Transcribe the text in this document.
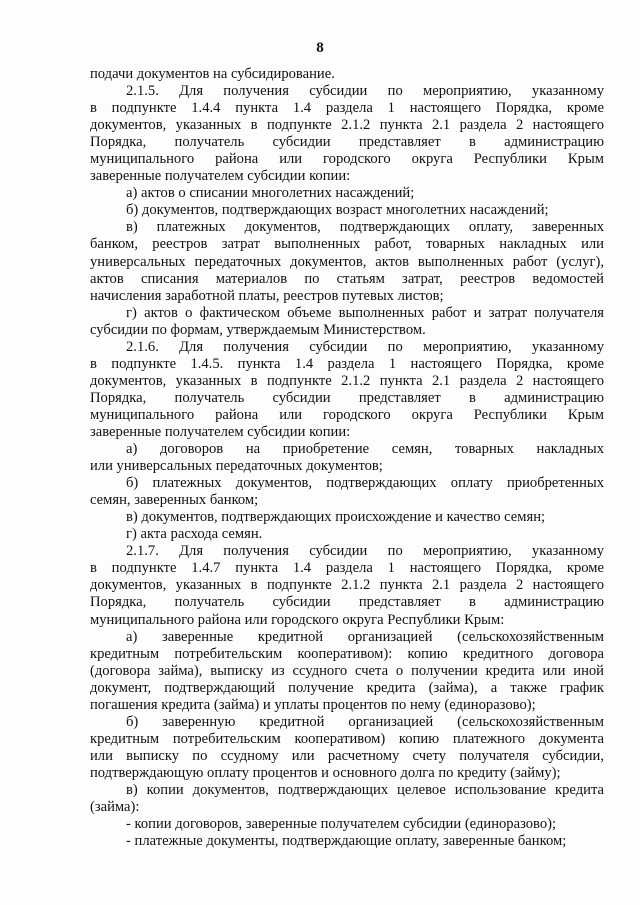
8
подачи документов на субсидирование.
2.1.5. Для получения субсидии по мероприятию, указанному
в подпункте 1.4.4 пункта 1.4 раздела 1 настоящего Порядка, кроме
документов, указанных в подпункте 2.1.2 пункта 2.1 раздела 2 настоящего
Порядка, получатель субсидии представляет в администрацию
муниципального района или городского округа Республики Крым
заверенные получателем субсидии копии:
а) актов о списании многолетних насаждений;
б) документов, подтверждающих возраст многолетних насаждений;
в) платежных документов, подтверждающих оплату, заверенных
банком, реестров затрат выполненных работ, товарных накладных или
универсальных передаточных документов, актов выполненных работ (услуг),
актов списания материалов по статьям затрат, реестров ведомостей
начисления заработной платы, реестров путевых листов;
г) актов о фактическом объеме выполненных работ и затрат получателя
субсидии по формам, утверждаемым Министерством.
2.1.6. Для получения субсидии по мероприятию, указанному
в подпункте 1.4.5. пункта 1.4 раздела 1 настоящего Порядка, кроме
документов, указанных в подпункте 2.1.2 пункта 2.1 раздела 2 настоящего
Порядка, получатель субсидии представляет в администрацию
муниципального района или городского округа Республики Крым
заверенные получателем субсидии копии:
а) договоров на приобретение семян, товарных накладных
или универсальных передаточных документов;
б) платежных документов, подтверждающих оплату приобретенных
семян, заверенных банком;
в) документов, подтверждающих происхождение и качество семян;
г) акта расхода семян.
2.1.7. Для получения субсидии по мероприятию, указанному
в подпункте 1.4.7 пункта 1.4 раздела 1 настоящего Порядка, кроме
документов, указанных в подпункте 2.1.2 пункта 2.1 раздела 2 настоящего
Порядка, получатель субсидии представляет в администрацию
муниципального района или городского округа Республики Крым:
а) заверенные кредитной организацией (сельскохозяйственным
кредитным потребительским кооперативом): копию кредитного договора
(договора займа), выписку из ссудного счета о получении кредита или иной
документ, подтверждающий получение кредита (займа), а также график
погашения кредита (займа) и уплаты процентов по нему (единоразово);
б) заверенную кредитной организацией (сельскохозяйственным
кредитным потребительским кооперативом) копию платежного документа
или выписку по ссудному или расчетному счету получателя субсидии,
подтверждающую оплату процентов и основного долга по кредиту (займу);
в) копии документов, подтверждающих целевое использование кредита
(займа):
- копии договоров, заверенные получателем субсидии (единоразово);
- платежные документы, подтверждающие оплату, заверенные банком;
